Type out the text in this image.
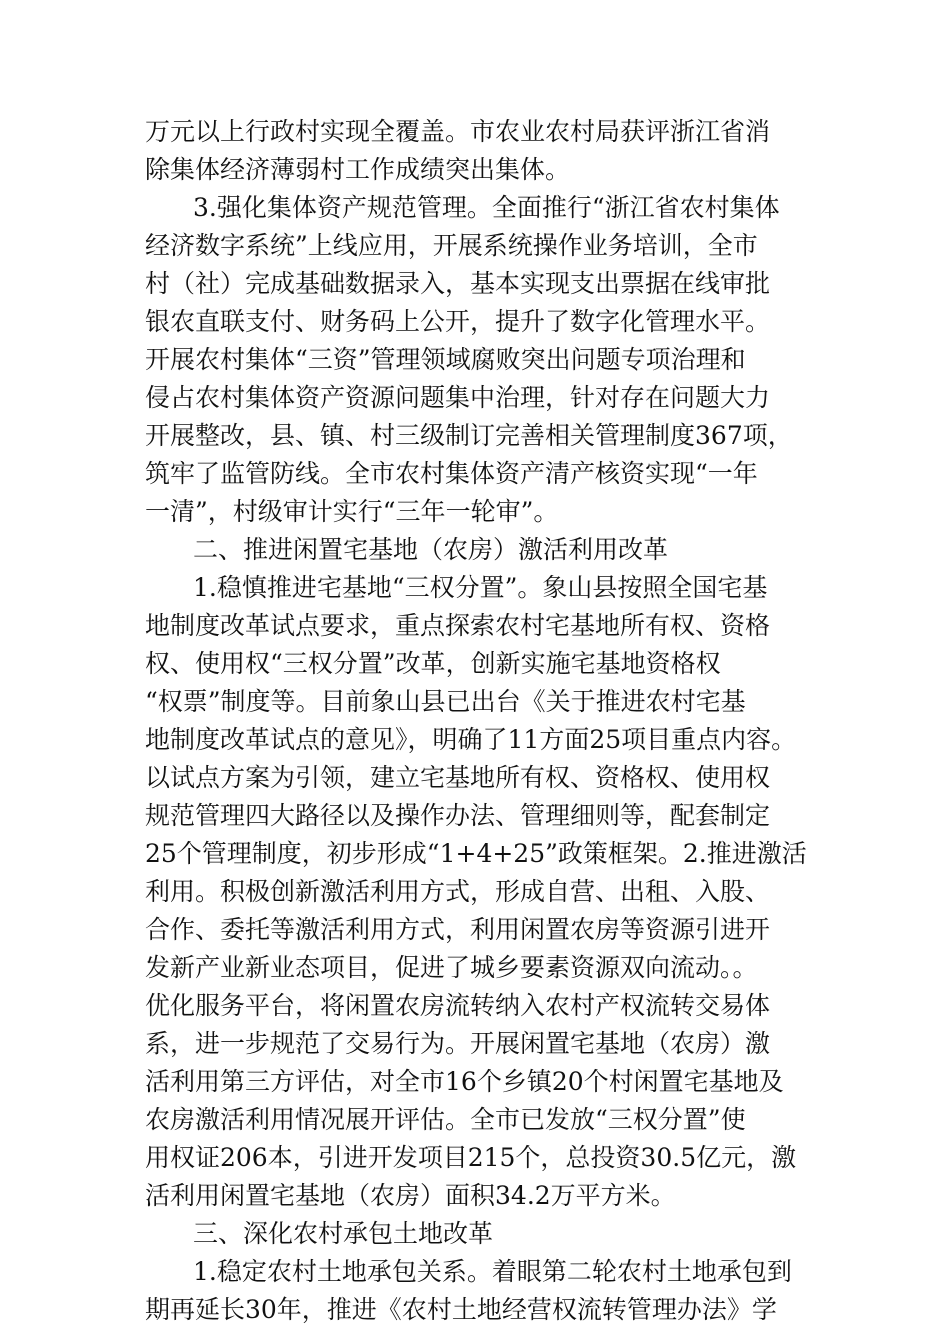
万元以上行政村实现全覆盖。市农业农村局获评浙江省消
除集体经济薄弱村工作成绩突出集体。
3.强化集体资产规范管理。全面推行“浙江省农村集体
经济数字系统”上线应用，开展系统操作业务培训，全市
村（社）完成基础数据录入，基本实现支出票据在线审批
银农直联支付、财务码上公开，提升了数字化管理水平。
开展农村集体“三资”管理领域腐败突出问题专项治理和
侵占农村集体资产资源问题集中治理，针对存在问题大力
开展整改，县、镇、村三级制订完善相关管理制度367项，
筑牢了监管防线。全市农村集体资产清产核资实现“一年
一清”，村级审计实行“三年一轮审”。
二、推进闲置宅基地（农房）激活利用改革
1.稳慎推进宅基地“三权分置”。象山县按照全国宅基
地制度改革试点要求，重点探索农村宅基地所有权、资格
权、使用权“三权分置”改革，创新实施宅基地资格权
“权票”制度等。目前象山县已出台《关于推进农村宅基
地制度改革试点的意见》，明确了11方面25项目重点内容。
以试点方案为引领，建立宅基地所有权、资格权、使用权
规范管理四大路径以及操作办法、管理细则等，配套制定
25个管理制度，初步形成“1+4+25”政策框架。2.推进激活
利用。积极创新激活利用方式，形成自营、出租、入股、
合作、委托等激活利用方式，利用闲置农房等资源引进开
发新产业新业态项目，促进了城乡要素资源双向流动。。
优化服务平台，将闲置农房流转纳入农村产权流转交易体
系，进一步规范了交易行为。开展闲置宅基地（农房）激
活利用第三方评估，对全市16个乡镇20个村闲置宅基地及
农房激活利用情况展开评估。全市已发放“三权分置”使
用权证206本，引进开发项目215个，总投资30.5亿元，激
活利用闲置宅基地（农房）面积34.2万平方米。
三、深化农村承包土地改革
1.稳定农村土地承包关系。着眼第二轮农村土地承包到
期再延长30年，推进《农村土地经营权流转管理办法》学
